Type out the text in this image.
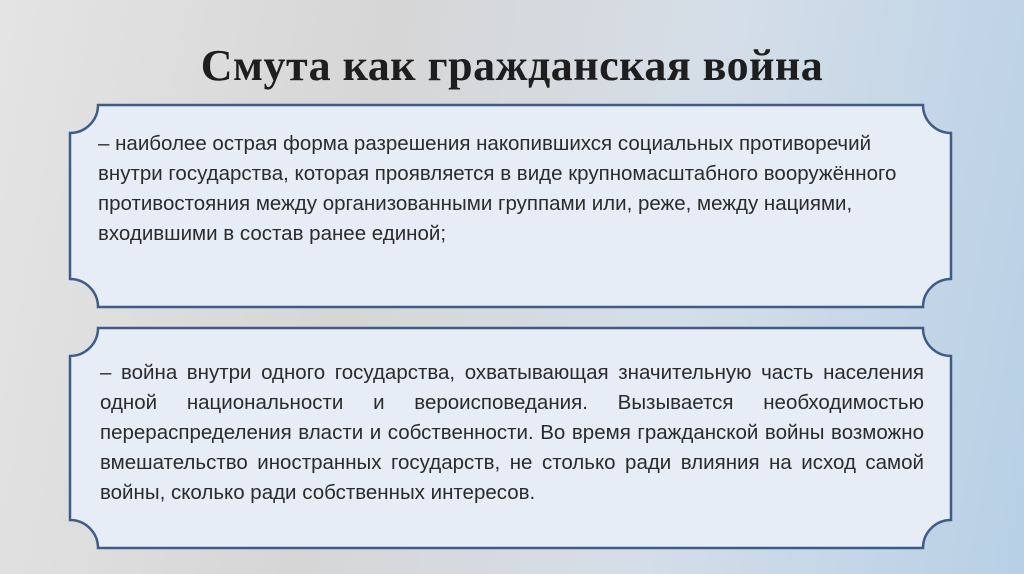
Смута как гражданская война
– наиболее острая форма разрешения накопившихся социальных противоречий внутри государства, которая проявляется в виде крупномасштабного вооружённого противостояния между организованными группами или, реже, между нациями, входившими в состав ранее единой;
– война внутри одного государства, охватывающая значительную часть населения одной национальности и вероисповедания. Вызывается необходимостью перераспределения власти и собственности. Во время гражданской войны возможно вмешательство иностранных государств, не столько ради влияния на исход самой войны, сколько ради собственных интересов.
